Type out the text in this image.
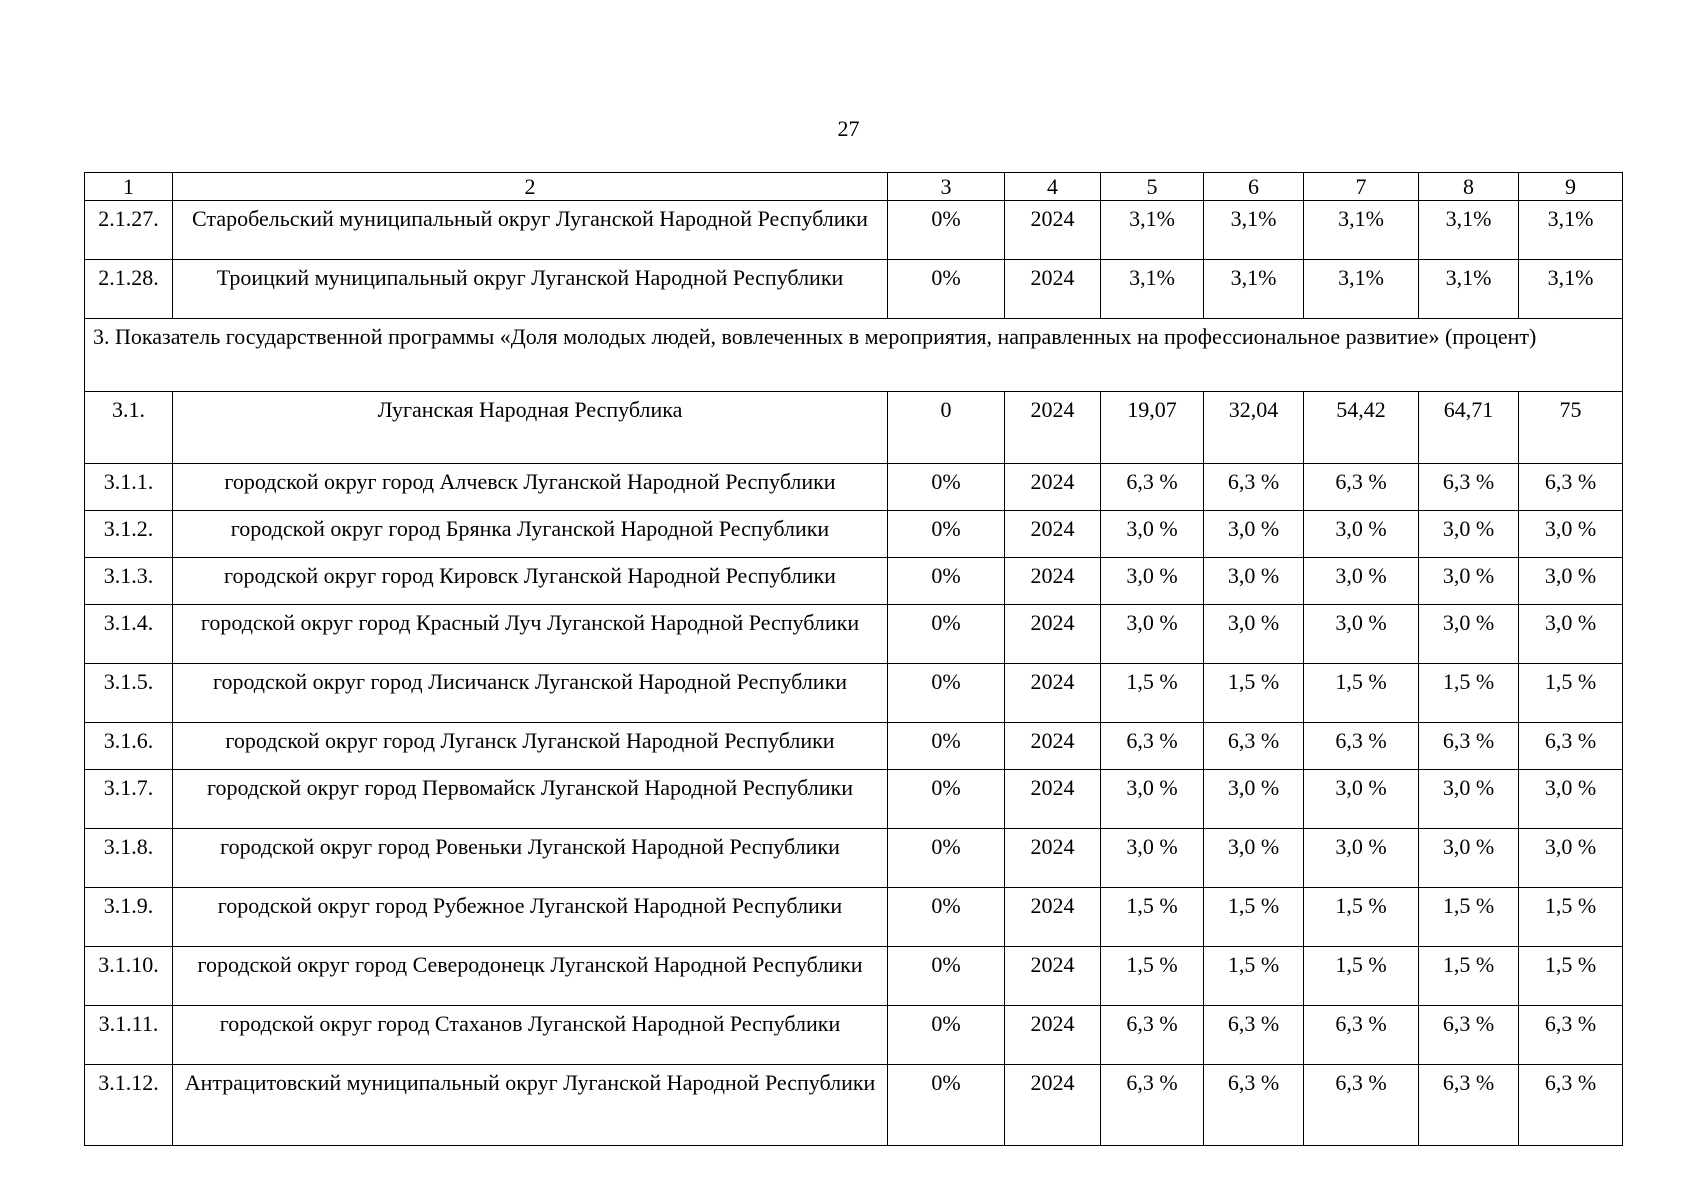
27
1	2	3	4	5	6	7	8	9
2.1.27.	Старобельский муниципальный округ Луганской Народной Республики	0%	2024	3,1%	3,1%	3,1%	3,1%	3,1%
2.1.28.	Троицкий муниципальный округ Луганской Народной Республики	0%	2024	3,1%	3,1%	3,1%	3,1%	3,1%
3. Показатель государственной программы «Доля молодых людей, вовлеченных в мероприятия, направленных на профессиональное развитие» (процент)								
3.1.	Луганская Народная Республика	0	2024	19,07	32,04	54,42	64,71	75
3.1.1.	городской округ город Алчевск Луганской Народной Республики	0%	2024	6,3 %	6,3 %	6,3 %	6,3 %	6,3 %
3.1.2.	городской округ город Брянка Луганской Народной Республики	0%	2024	3,0 %	3,0 %	3,0 %	3,0 %	3,0 %
3.1.3.	городской округ город Кировск Луганской Народной Республики	0%	2024	3,0 %	3,0 %	3,0 %	3,0 %	3,0 %
3.1.4.	городской округ город Красный Луч Луганской Народной Республики	0%	2024	3,0 %	3,0 %	3,0 %	3,0 %	3,0 %
3.1.5.	городской округ город Лисичанск Луганской Народной Республики	0%	2024	1,5 %	1,5 %	1,5 %	1,5 %	1,5 %
3.1.6.	городской округ город Луганск Луганской Народной Республики	0%	2024	6,3 %	6,3 %	6,3 %	6,3 %	6,3 %
3.1.7.	городской округ город Первомайск Луганской Народной Республики	0%	2024	3,0 %	3,0 %	3,0 %	3,0 %	3,0 %
3.1.8.	городской округ город Ровеньки Луганской Народной Республики	0%	2024	3,0 %	3,0 %	3,0 %	3,0 %	3,0 %
3.1.9.	городской округ город Рубежное Луганской Народной Республики	0%	2024	1,5 %	1,5 %	1,5 %	1,5 %	1,5 %
3.1.10.	городской округ город Северодонецк Луганской Народной Республики	0%	2024	1,5 %	1,5 %	1,5 %	1,5 %	1,5 %
3.1.11.	городской округ город Стаханов Луганской Народной Республики	0%	2024	6,3 %	6,3 %	6,3 %	6,3 %	6,3 %
3.1.12.	Антрацитовский муниципальный округ Луганской Народной Республики	0%	2024	6,3 %	6,3 %	6,3 %	6,3 %	6,3 %
